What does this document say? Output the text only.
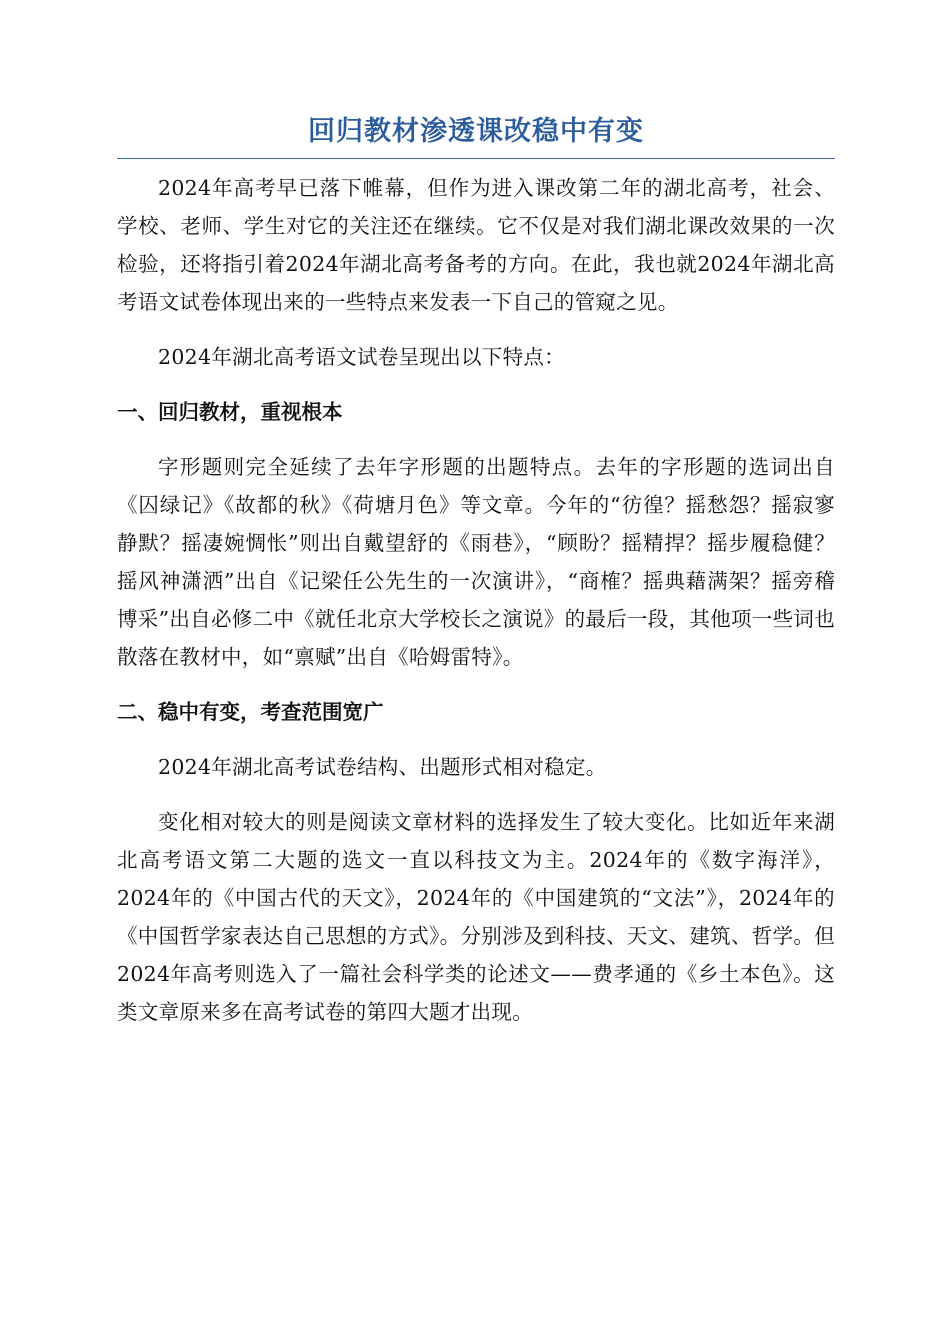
回归教材渗透课改稳中有变

2024年高考早已落下帷幕，但作为进入课改第二年的湖北高考，社会、学校、老师、学生对它的关注还在继续。它不仅是对我们湖北课改效果的一次检验，还将指引着2024年湖北高考备考的方向。在此，我也就2024年湖北高考语文试卷体现出来的一些特点来发表一下自己的管窥之见。

2024年湖北高考语文试卷呈现出以下特点：

一、回归教材，重视根本

字形题则完全延续了去年字形题的出题特点。去年的字形题的选词出自《囚绿记》《故都的秋》《荷塘月色》等文章。今年的“彷徨？摇愁怨？摇寂寥静默？摇凄婉惆怅”则出自戴望舒的《雨巷》，“顾盼？摇精捍？摇步履稳健？摇风神潇洒”出自《记梁任公先生的一次演讲》，“商榷？摇典藉满架？摇旁稽博采”出自必修二中《就任北京大学校长之演说》的最后一段，其他项一些词也散落在教材中，如“禀赋”出自《哈姆雷特》。

二、稳中有变，考查范围宽广

2024年湖北高考试卷结构、出题形式相对稳定。

变化相对较大的则是阅读文章材料的选择发生了较大变化。比如近年来湖北高考语文第二大题的选文一直以科技文为主。2024年的《数字海洋》，2024年的《中国古代的天文》，2024年的《中国建筑的“文法”》，2024年的《中国哲学家表达自己思想的方式》。分别涉及到科技、天文、建筑、哲学。但2024年高考则选入了一篇社会科学类的论述文——费孝通的《乡土本色》。这类文章原来多在高考试卷的第四大题才出现。
